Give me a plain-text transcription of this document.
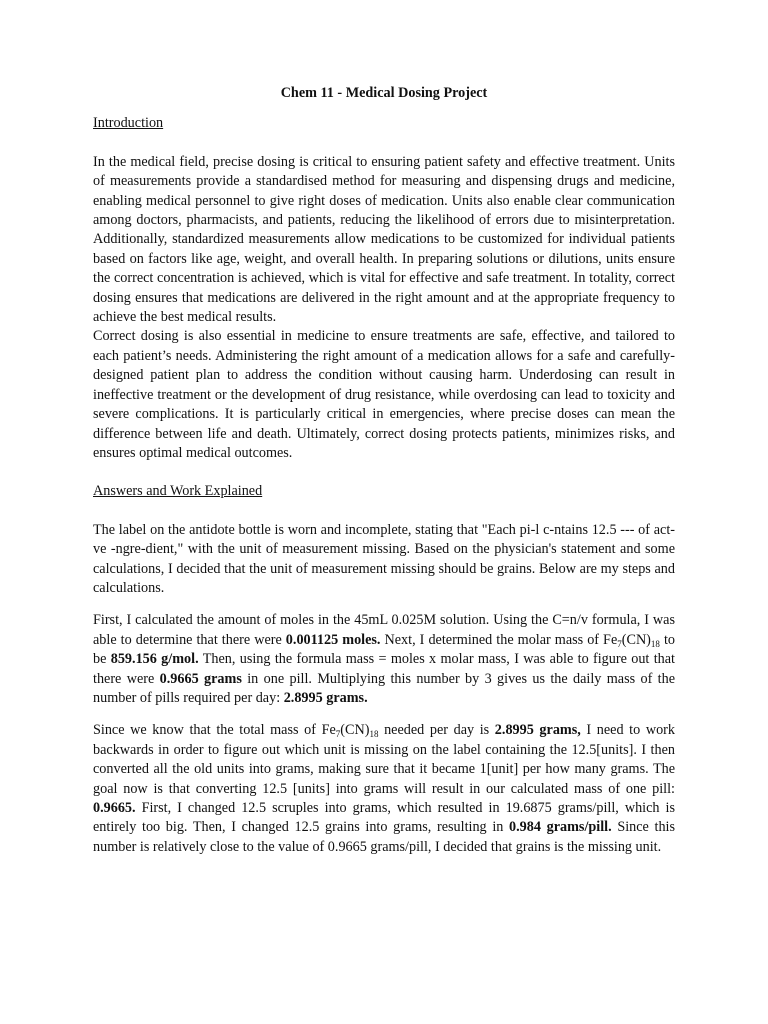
Chem 11 - Medical Dosing Project
Introduction

In the medical field, precise dosing is critical to ensuring patient safety and effective treatment. Units of measurements provide a standardised method for measuring and dispensing drugs and medicine, enabling medical personnel to give right doses of medication. Units also enable clear communication among doctors, pharmacists, and patients, reducing the likelihood of errors due to misinterpretation. Additionally, standardized measurements allow medications to be customized for individual patients based on factors like age, weight, and overall health. In preparing solutions or dilutions, units ensure the correct concentration is achieved, which is vital for effective and safe treatment. In totality, correct dosing ensures that medications are delivered in the right amount and at the appropriate frequency to achieve the best medical results.

Correct dosing is also essential in medicine to ensure treatments are safe, effective, and tailored to each patient’s needs. Administering the right amount of a medication allows for a safe and carefully-designed patient plan to address the condition without causing harm. Underdosing can result in ineffective treatment or the development of drug resistance, while overdosing can lead to toxicity and severe complications. It is particularly critical in emergencies, where precise doses can mean the difference between life and death. Ultimately, correct dosing protects patients, minimizes risks, and ensures optimal medical outcomes.

Answers and Work Explained

The label on the antidote bottle is worn and incomplete, stating that "Each pi-l c-ntains 12.5 --- of act-ve -ngre-dient," with the unit of measurement missing. Based on the physician's statement and some calculations, I decided that the unit of measurement missing should be grains. Below are my steps and calculations.

First, I calculated the amount of moles in the 45mL 0.025M solution. Using the C=n/v formula, I was able to determine that there were 0.001125 moles. Next, I determined the molar mass of $Fe_7(CN)_{18}$ to be 859.156 g/mol. Then, using the formula mass = moles x molar mass, I was able to figure out that there were 0.9665 grams in one pill. Multiplying this number by 3 gives us the daily mass of the number of pills required per day: 2.8995 grams.

Since we know that the total mass of $Fe_7(CN)_{18}$ needed per day is 2.8995 grams, I need to work backwards in order to figure out which unit is missing on the label containing the 12.5[units]. I then converted all the old units into grams, making sure that it became 1[unit] per how many grams. The goal now is that converting 12.5 [units] into grams will result in our calculated mass of one pill: 0.9665. First, I changed 12.5 scruples into grams, which resulted in 19.6875 grams/pill, which is entirely too big. Then, I changed 12.5 grains into grams, resulting in 0.984 grams/pill. Since this number is relatively close to the value of 0.9665 grams/pill, I decided that grains is the missing unit.
